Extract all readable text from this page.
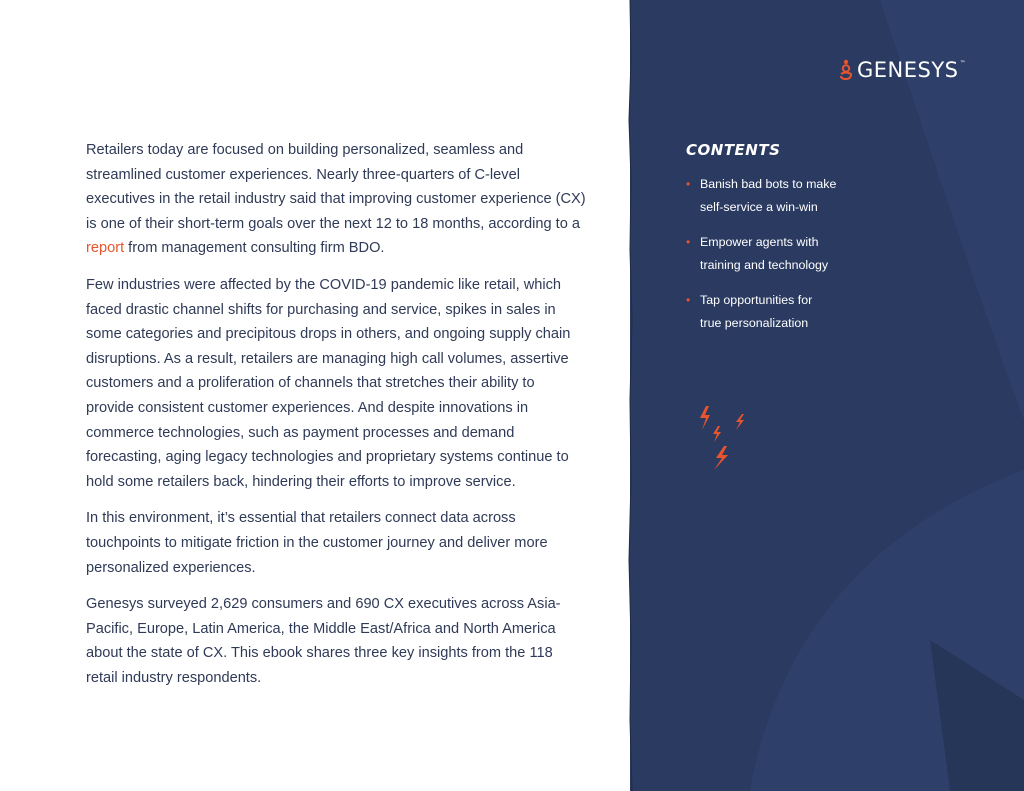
Retailers today are focused on building personalized, seamless and streamlined customer experiences. Nearly three-quarters of C-level executives in the retail industry said that improving customer experience (CX) is one of their short-term goals over the next 12 to 18 months, according to a report from management consulting firm BDO.

Few industries were affected by the COVID-19 pandemic like retail, which faced drastic channel shifts for purchasing and service, spikes in sales in some categories and precipitous drops in others, and ongoing supply chain disruptions. As a result, retailers are managing high call volumes, assertive customers and a proliferation of channels that stretches their ability to provide consistent customer experiences. And despite innovations in commerce technologies, such as payment processes and demand forecasting, aging legacy technologies and proprietary systems continue to hold some retailers back, hindering their efforts to improve service.

In this environment, it’s essential that retailers connect data across touchpoints to mitigate friction in the customer journey and deliver more personalized experiences.

Genesys surveyed 2,629 consumers and 690 CX executives across Asia-Pacific, Europe, Latin America, the Middle East/Africa and North America about the state of CX. This ebook shares three key insights from the 118 retail industry respondents.

GENESYS™
CONTENTS
• Banish bad bots to make
self-service a win-win
• Empower agents with
training and technology
• Tap opportunities for
true personalization
